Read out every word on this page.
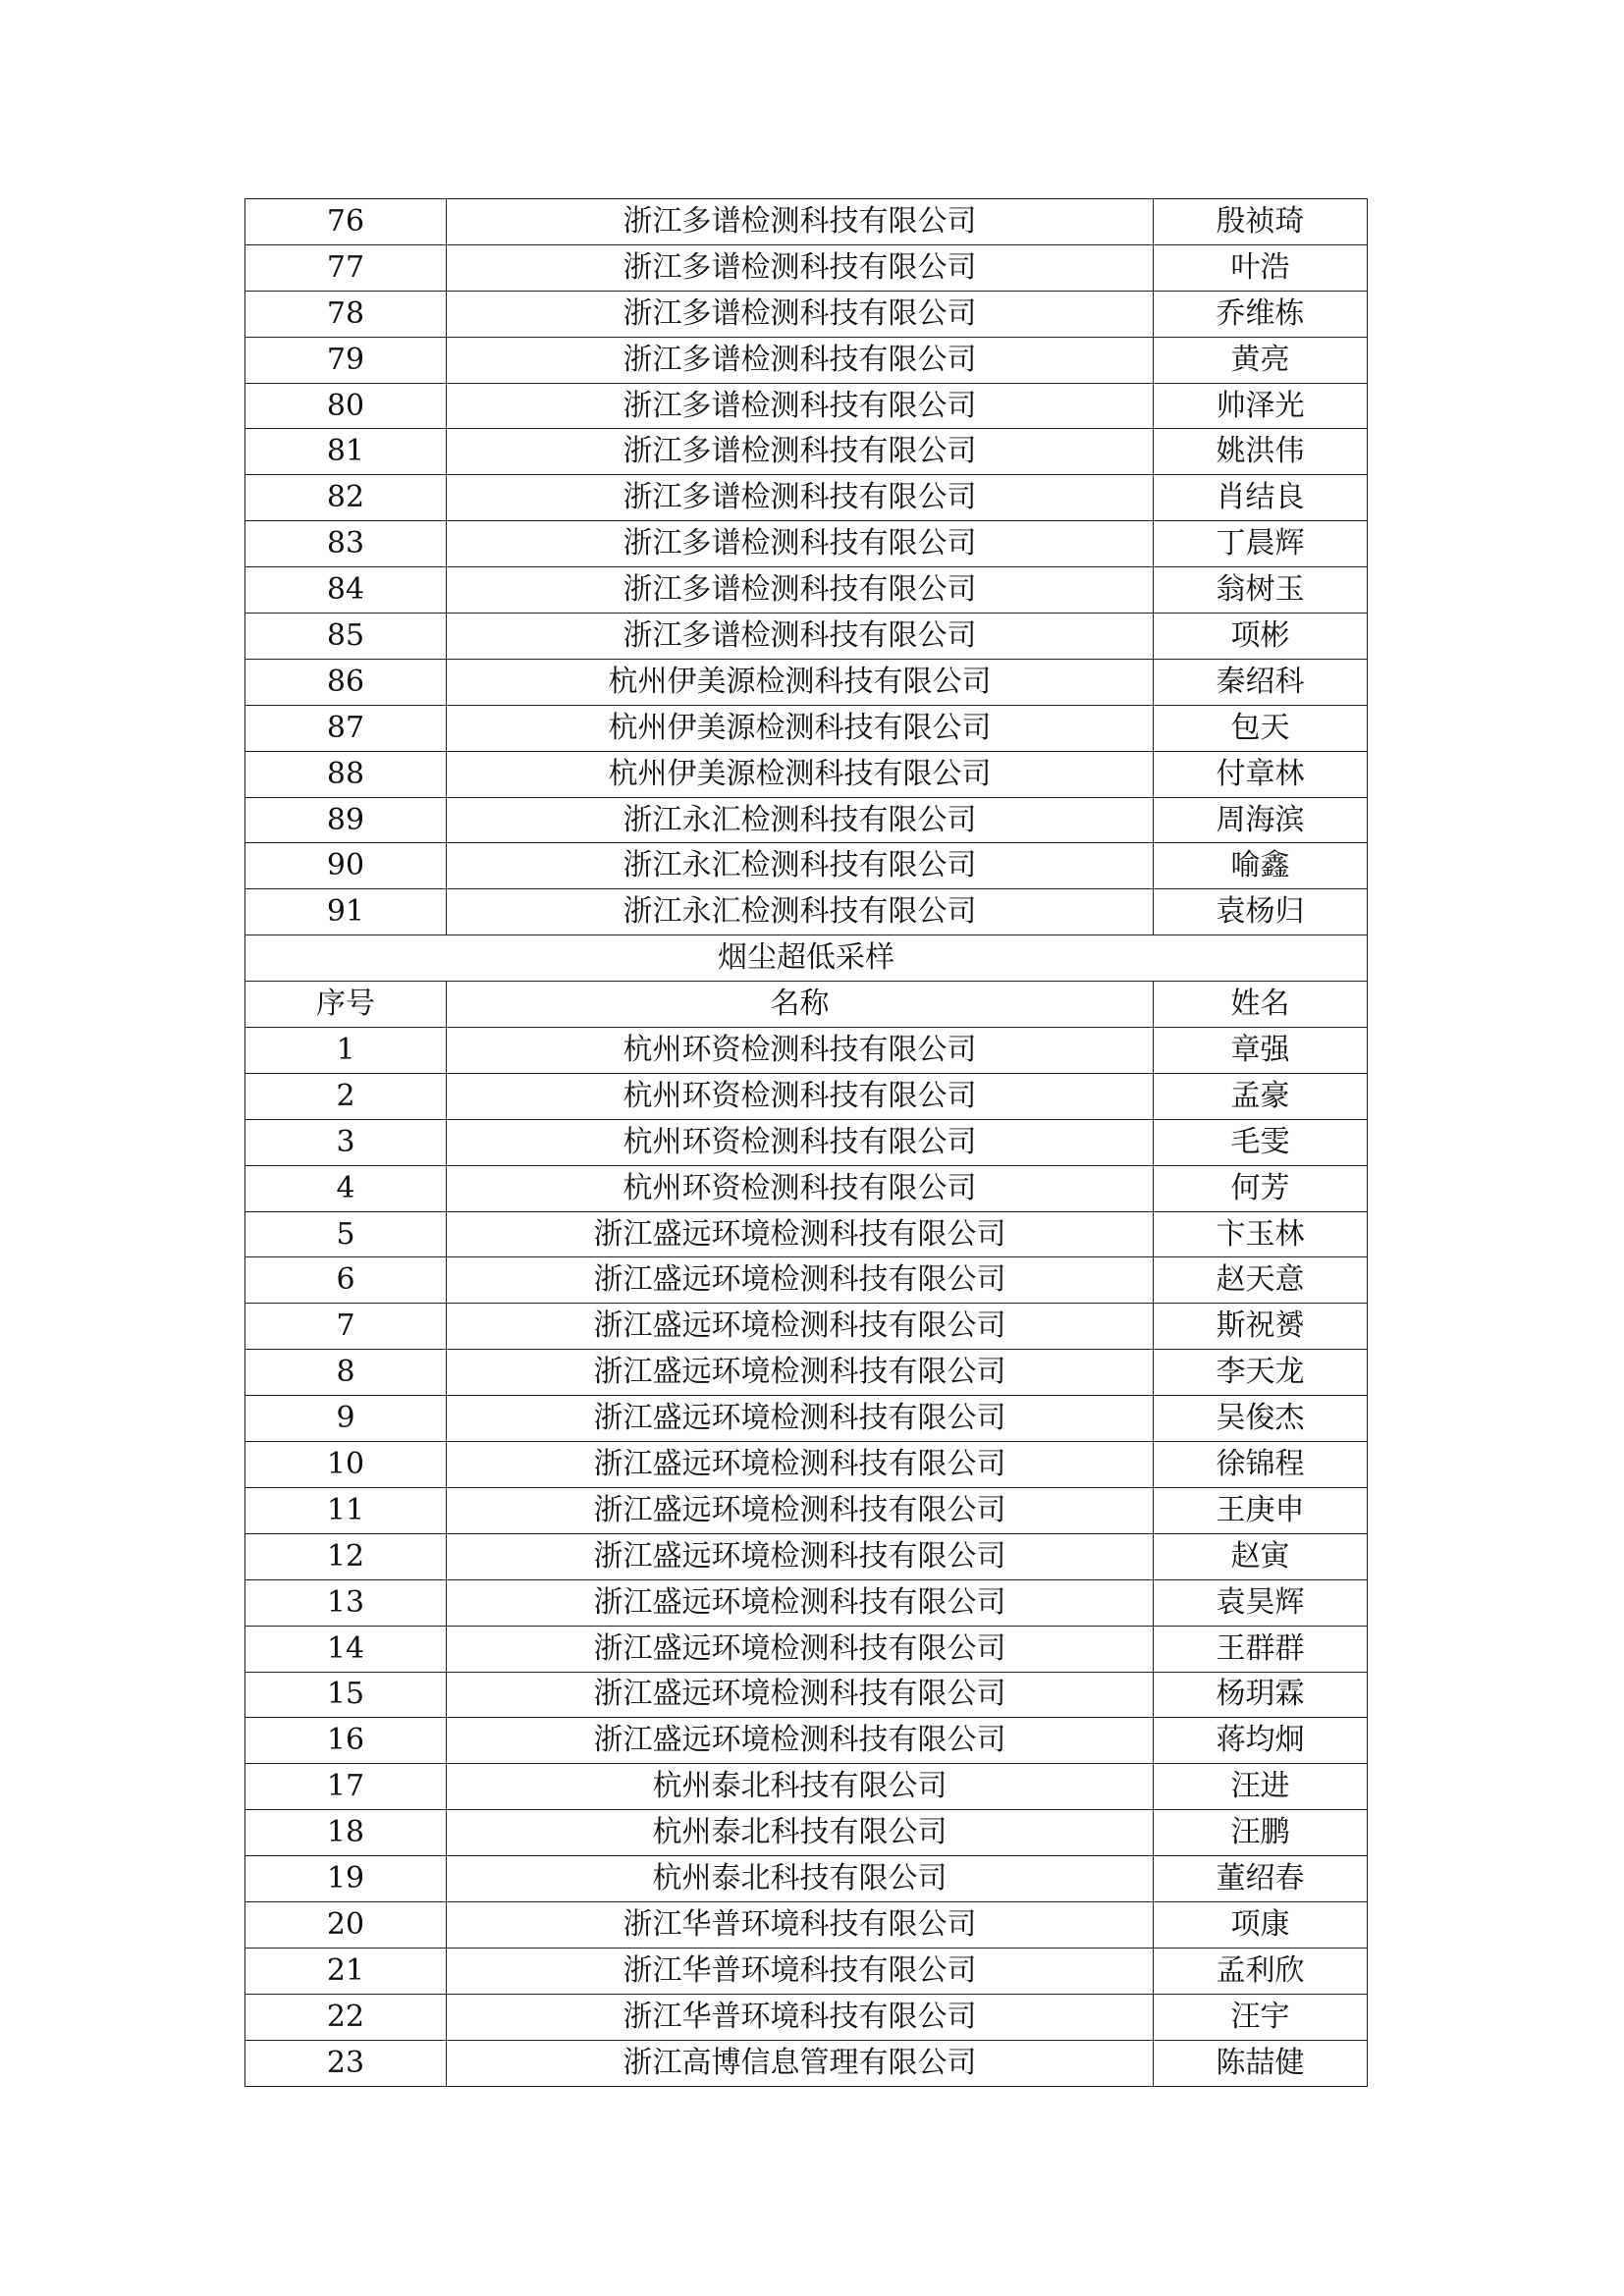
76	浙江多谱检测科技有限公司	殷祯琦
77	浙江多谱检测科技有限公司	叶浩
78	浙江多谱检测科技有限公司	乔维栋
79	浙江多谱检测科技有限公司	黄亮
80	浙江多谱检测科技有限公司	帅泽光
81	浙江多谱检测科技有限公司	姚洪伟
82	浙江多谱检测科技有限公司	肖结良
83	浙江多谱检测科技有限公司	丁晨辉
84	浙江多谱检测科技有限公司	翁树玉
85	浙江多谱检测科技有限公司	项彬
86	杭州伊美源检测科技有限公司	秦绍科
87	杭州伊美源检测科技有限公司	包天
88	杭州伊美源检测科技有限公司	付章林
89	浙江永汇检测科技有限公司	周海滨
90	浙江永汇检测科技有限公司	喻鑫
91	浙江永汇检测科技有限公司	袁杨归
烟尘超低采样		
序号	名称	姓名
1	杭州环资检测科技有限公司	章强
2	杭州环资检测科技有限公司	孟豪
3	杭州环资检测科技有限公司	毛雯
4	杭州环资检测科技有限公司	何芳
5	浙江盛远环境检测科技有限公司	卞玉林
6	浙江盛远环境检测科技有限公司	赵天意
7	浙江盛远环境检测科技有限公司	斯祝赟
8	浙江盛远环境检测科技有限公司	李天龙
9	浙江盛远环境检测科技有限公司	吴俊杰
10	浙江盛远环境检测科技有限公司	徐锦程
11	浙江盛远环境检测科技有限公司	王庚申
12	浙江盛远环境检测科技有限公司	赵寅
13	浙江盛远环境检测科技有限公司	袁昊辉
14	浙江盛远环境检测科技有限公司	王群群
15	浙江盛远环境检测科技有限公司	杨玥霖
16	浙江盛远环境检测科技有限公司	蒋均炯
17	杭州泰北科技有限公司	汪进
18	杭州泰北科技有限公司	汪鹏
19	杭州泰北科技有限公司	董绍春
20	浙江华普环境科技有限公司	项康
21	浙江华普环境科技有限公司	孟利欣
22	浙江华普环境科技有限公司	汪宇
23	浙江高博信息管理有限公司	陈喆健
